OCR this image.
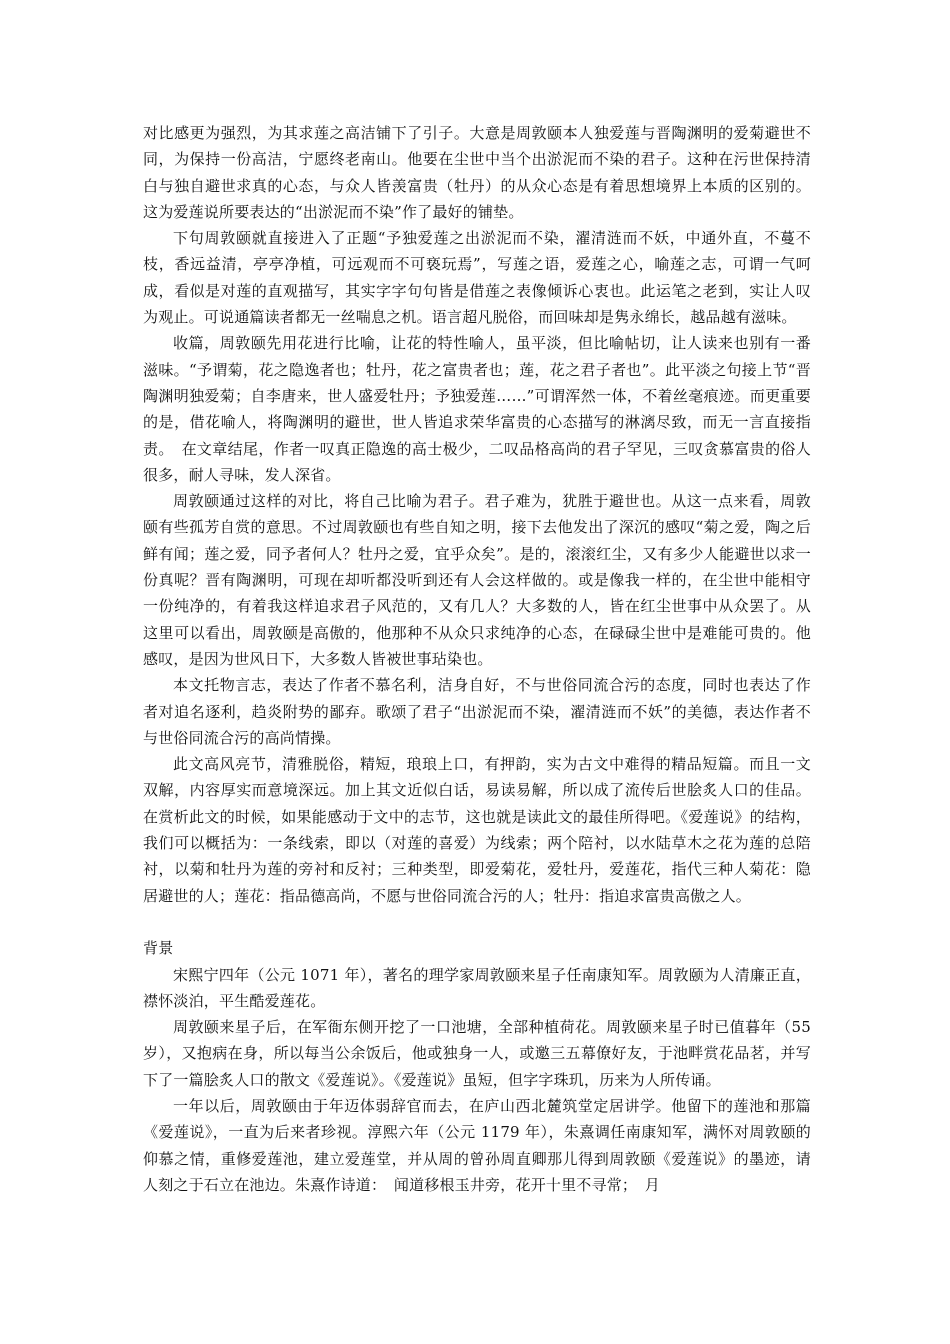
对比感更为强烈，为其求莲之高洁铺下了引子。大意是周敦颐本人独爱莲与晋陶渊明的爱菊避世不同，为保持一份高洁，宁愿终老南山。他要在尘世中当个出淤泥而不染的君子。这种在污世保持清白与独自避世求真的心态，与众人皆羡富贵（牡丹）的从众心态是有着思想境界上本质的区别的。这为爱莲说所要表达的“出淤泥而不染”作了最好的铺垫。

下句周敦颐就直接进入了正题“予独爱莲之出淤泥而不染，濯清涟而不妖，中通外直，不蔓不枝，香远益清，亭亭净植，可远观而不可亵玩焉”，写莲之语，爱莲之心，喻莲之志，可谓一气呵成，看似是对莲的直观描写，其实字字句句皆是借莲之表像倾诉心衷也。此运笔之老到，实让人叹为观止。可说通篇读者都无一丝喘息之机。语言超凡脱俗，而回味却是隽永绵长，越品越有滋味。

收篇，周敦颐先用花进行比喻，让花的特性喻人，虽平淡，但比喻帖切，让人读来也别有一番滋味。“予谓菊，花之隐逸者也；牡丹，花之富贵者也；莲，花之君子者也”。此平淡之句接上节“晋陶渊明独爱菊；自李唐来，世人盛爱牡丹；予独爱莲……”可谓浑然一体，不着丝毫痕迹。而更重要的是，借花喻人，将陶渊明的避世，世人皆追求荣华富贵的心态描写的淋漓尽致，而无一言直接指责。　在文章结尾，作者一叹真正隐逸的高士极少，二叹品格高尚的君子罕见，三叹贪慕富贵的俗人很多，耐人寻味，发人深省。

周敦颐通过这样的对比，将自己比喻为君子。君子难为，犹胜于避世也。从这一点来看，周敦颐有些孤芳自赏的意思。不过周敦颐也有些自知之明，接下去他发出了深沉的感叹“菊之爱，陶之后鲜有闻；莲之爱，同予者何人？牡丹之爱，宜乎众矣”。是的，滚滚红尘，又有多少人能避世以求一份真呢？晋有陶渊明，可现在却听都没听到还有人会这样做的。或是像我一样的，在尘世中能相守一份纯净的，有着我这样追求君子风范的，又有几人？大多数的人，皆在红尘世事中从众罢了。从这里可以看出，周敦颐是高傲的，他那种不从众只求纯净的心态，在碌碌尘世中是难能可贵的。他感叹，是因为世风日下，大多数人皆被世事玷染也。

本文托物言志，表达了作者不慕名利，洁身自好，不与世俗同流合污的态度，同时也表达了作者对追名逐利，趋炎附势的鄙弃。歌颂了君子“出淤泥而不染，濯清涟而不妖”的美德，表达作者不与世俗同流合污的高尚情操。

此文高风亮节，清雅脱俗，精短，琅琅上口，有押韵，实为古文中难得的精品短篇。而且一文双解，内容厚实而意境深远。加上其文近似白话，易读易解，所以成了流传后世脍炙人口的佳品。在赏析此文的时候，如果能感动于文中的志节，这也就是读此文的最佳所得吧。《爱莲说》的结构，我们可以概括为：一条线索，即以（对莲的喜爱）为线索；两个陪衬，以水陆草木之花为莲的总陪衬，以菊和牡丹为莲的旁衬和反衬；三种类型，即爱菊花，爱牡丹，爱莲花，指代三种人菊花：隐居避世的人；莲花：指品德高尚，不愿与世俗同流合污的人；牡丹：指追求富贵高傲之人。

背景

宋熙宁四年（公元 1071 年），著名的理学家周敦颐来星子任南康知军。周敦颐为人清廉正直，襟怀淡泊，平生酷爱莲花。

周敦颐来星子后，在军衙东侧开挖了一口池塘，全部种植荷花。周敦颐来星子时已值暮年（55 岁），又抱病在身，所以每当公余饭后，他或独身一人，或邀三五幕僚好友，于池畔赏花品茗，并写下了一篇脍炙人口的散文《爱莲说》。《爱莲说》虽短，但字字珠玑，历来为人所传诵。

一年以后，周敦颐由于年迈体弱辞官而去，在庐山西北麓筑堂定居讲学。他留下的莲池和那篇《爱莲说》，一直为后来者珍视。淳熙六年（公元 1179 年），朱熹调任南康知军，满怀对周敦颐的仰慕之情，重修爱莲池，建立爱莲堂，并从周的曾孙周直卿那儿得到周敦颐《爱莲说》的墨迹，请人刻之于石立在池边。朱熹作诗道：　闻道移根玉井旁，花开十里不寻常；　月
